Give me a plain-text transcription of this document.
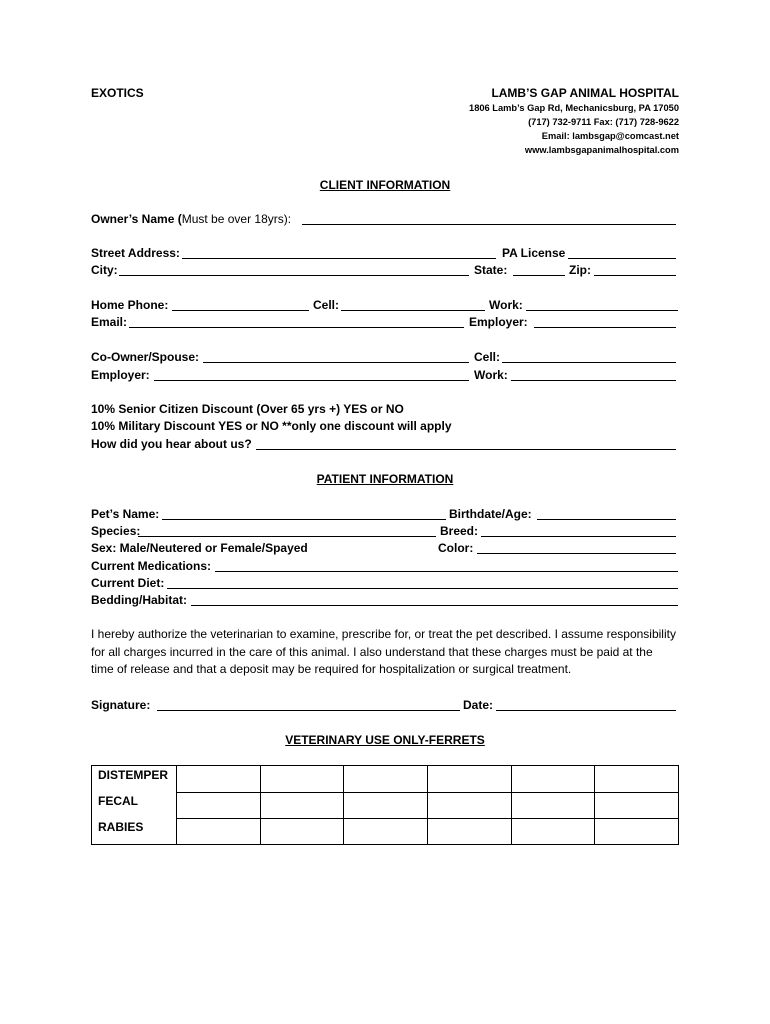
EXOTICS	LAMB’S GAP ANIMAL HOSPITAL
1806 Lamb’s Gap Rd, Mechanicsburg, PA 17050
(717) 732-9711 Fax: (717) 728-9622
Email: lambsgap@comcast.net
www.lambsgapanimalhospital.com
CLIENT INFORMATION
Owner’s Name (Must be over 18yrs):
Street Address:	PA License
City:	State:	Zip:
Home Phone:	Cell:	Work:
Email:	Employer:
Co-Owner/Spouse:	Cell:
Employer:	Work:
10% Senior Citizen Discount (Over 65 yrs +) YES or NO
10% Military Discount YES or NO **only one discount will apply
How did you hear about us?
PATIENT INFORMATION
Pet’s Name:	Birthdate/Age:
Species:	Breed:
Sex: Male/Neutered or Female/Spayed	Color:
Current Medications:
Current Diet:
Bedding/Habitat:
I hereby authorize the veterinarian to examine, prescribe for, or treat the pet described. I assume responsibility for all charges incurred in the care of this animal. I also understand that these charges must be paid at the time of release and that a deposit may be required for hospitalization or surgical treatment.
Signature:	Date:
VETERINARY USE ONLY-FERRETS
DISTEMPER						
FECAL						
RABIES						
